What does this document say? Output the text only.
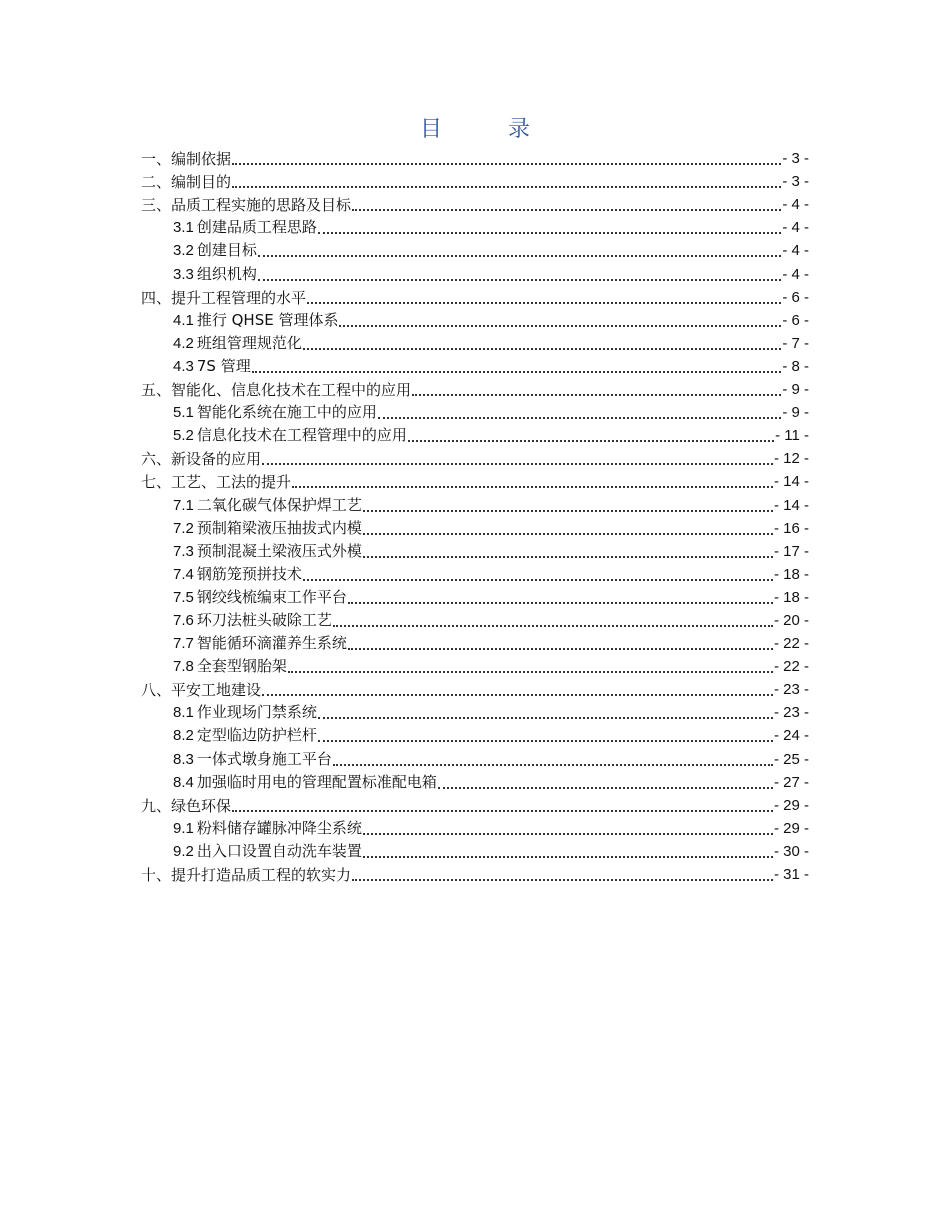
目	录
一、编制依据	- 3 -
二、编制目的	- 3 -
三、品质工程实施的思路及目标	- 4 -
3.1 创建品质工程思路	- 4 -
3.2 创建目标	- 4 -
3.3 组织机构	- 4 -
四、提升工程管理的水平	- 6 -
4.1 推行 QHSE 管理体系	- 6 -
4.2 班组管理规范化	- 7 -
4.3 7S 管理	- 8 -
五、智能化、信息化技术在工程中的应用	- 9 -
5.1 智能化系统在施工中的应用	- 9 -
5.2 信息化技术在工程管理中的应用	- 11 -
六、新设备的应用	- 12 -
七、工艺、工法的提升	- 14 -
7.1 二氧化碳气体保护焊工艺	- 14 -
7.2 预制箱梁液压抽拔式内模	- 16 -
7.3 预制混凝土梁液压式外模	- 17 -
7.4 钢筋笼预拼技术	- 18 -
7.5 钢绞线梳编束工作平台	- 18 -
7.6 环刀法桩头破除工艺	- 20 -
7.7 智能循环滴灌养生系统	- 22 -
7.8 全套型钢胎架	- 22 -
八、平安工地建设	- 23 -
8.1 作业现场门禁系统	- 23 -
8.2 定型临边防护栏杆	- 24 -
8.3 一体式墩身施工平台	- 25 -
8.4 加强临时用电的管理配置标准配电箱	- 27 -
九、绿色环保	- 29 -
9.1 粉料储存罐脉冲降尘系统	- 29 -
9.2 出入口设置自动洗车装置	- 30 -
十、提升打造品质工程的软实力	- 31 -
